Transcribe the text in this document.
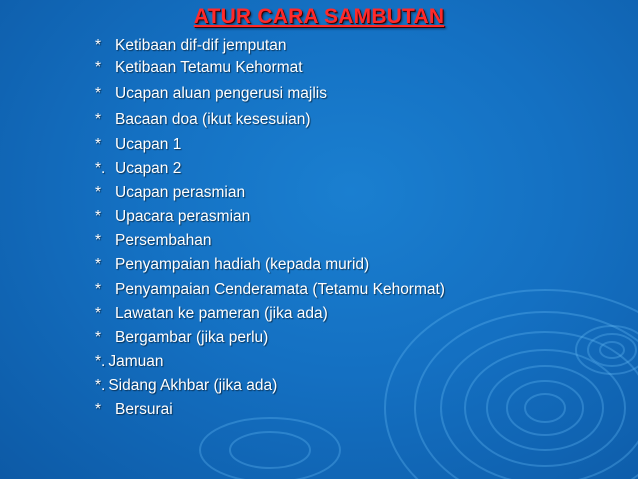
ATUR CARA SAMBUTAN
* Ketibaan dif-dif jemputan
* Ketibaan Tetamu Kehormat
* Ucapan aluan pengerusi majlis
* Bacaan doa (ikut kesesuian)
* Ucapan 1
*. Ucapan 2
* Ucapan perasmian
* Upacara perasmian
* Persembahan
* Penyampaian hadiah (kepada murid)
* Penyampaian Cenderamata (Tetamu Kehormat)
* Lawatan ke pameran (jika ada)
* Bergambar (jika perlu)
*. Jamuan
*. Sidang Akhbar (jika ada)
* Bersurai
